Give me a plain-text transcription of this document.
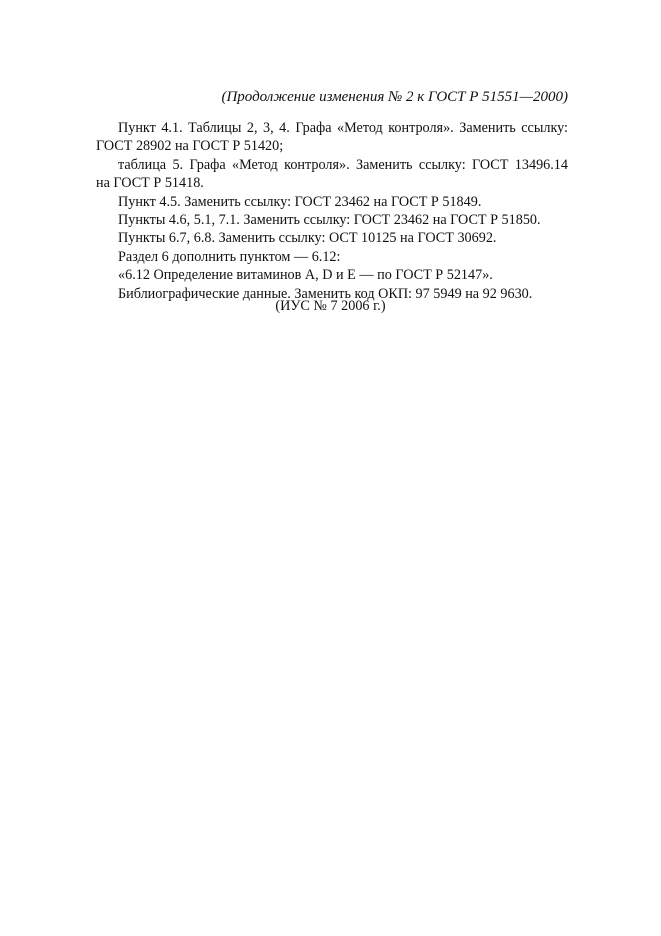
(Продолжение изменения № 2 к ГОСТ Р 51551—2000)

Пункт 4.1. Таблицы 2, 3, 4. Графа «Метод контроля». Заменить ссылку:

ГОСТ 28902 на ГОСТ Р 51420;

таблица 5. Графа «Метод контроля». Заменить ссылку: ГОСТ 13496.14

на ГОСТ Р 51418.

Пункт 4.5. Заменить ссылку: ГОСТ 23462 на ГОСТ Р 51849.

Пункты 4.6, 5.1, 7.1. Заменить ссылку: ГОСТ 23462 на ГОСТ Р 51850.

Пункты 6.7, 6.8. Заменить ссылку: ОСТ 10125 на ГОСТ 30692.

Раздел 6 дополнить пунктом — 6.12:

«6.12 Определение витаминов А, D и Е — по ГОСТ Р 52147».

Библиографические данные. Заменить код ОКП: 97 5949 на 92 9630.

(ИУС № 7 2006 г.)
